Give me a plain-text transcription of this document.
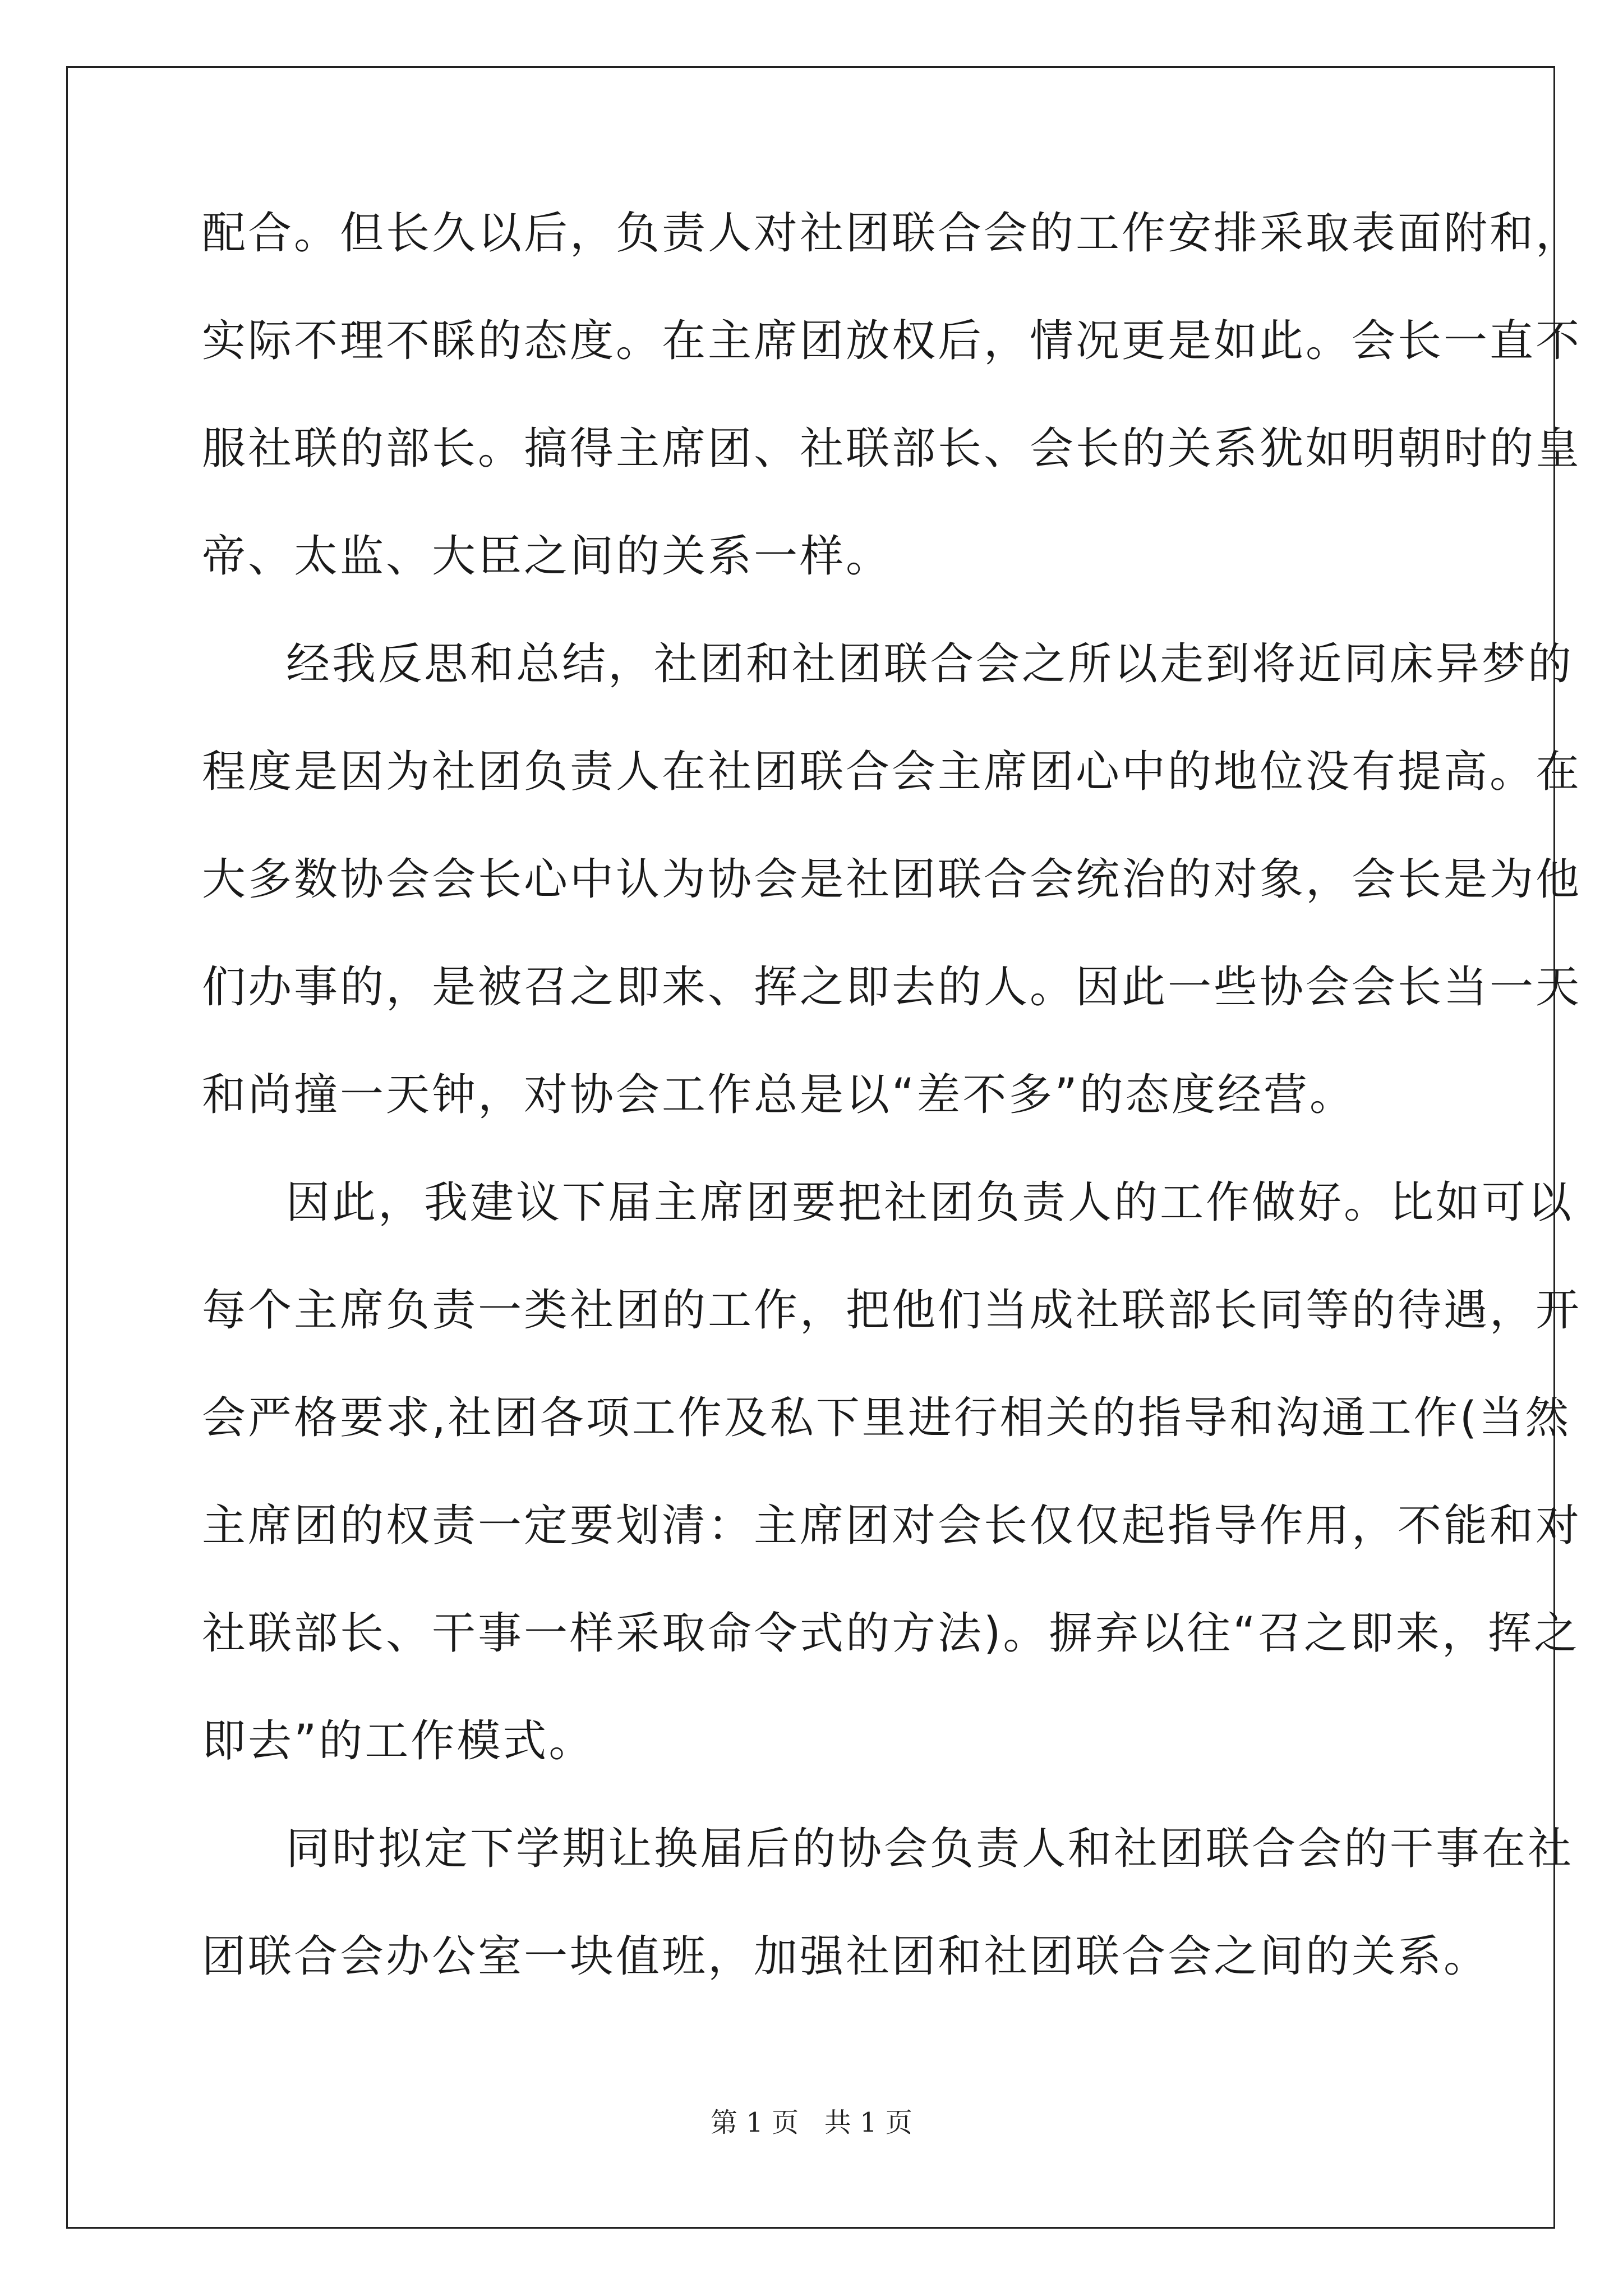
配合。但长久以后，负责人对社团联合会的工作安排采取表面附和，
实际不理不睬的态度。在主席团放权后，情况更是如此。会长一直不
服社联的部长。搞得主席团、社联部长、会长的关系犹如明朝时的皇
帝、太监、大臣之间的关系一样。
经我反思和总结，社团和社团联合会之所以走到将近同床异梦的
程度是因为社团负责人在社团联合会主席团心中的地位没有提高。在
大多数协会会长心中认为协会是社团联合会统治的对象，会长是为他
们办事的，是被召之即来、挥之即去的人。因此一些协会会长当一天
和尚撞一天钟，对协会工作总是以“差不多”的态度经营。
因此，我建议下届主席团要把社团负责人的工作做好。比如可以
每个主席负责一类社团的工作，把他们当成社联部长同等的待遇，开
会严格要求,社团各项工作及私下里进行相关的指导和沟通工作(当然
主席团的权责一定要划清：主席团对会长仅仅起指导作用，不能和对
社联部长、干事一样采取命令式的方法)。摒弃以往“召之即来，挥之
即去”的工作模式。
同时拟定下学期让换届后的协会负责人和社团联合会的干事在社
团联合会办公室一块值班，加强社团和社团联合会之间的关系。
第 1 页   共 1 页
